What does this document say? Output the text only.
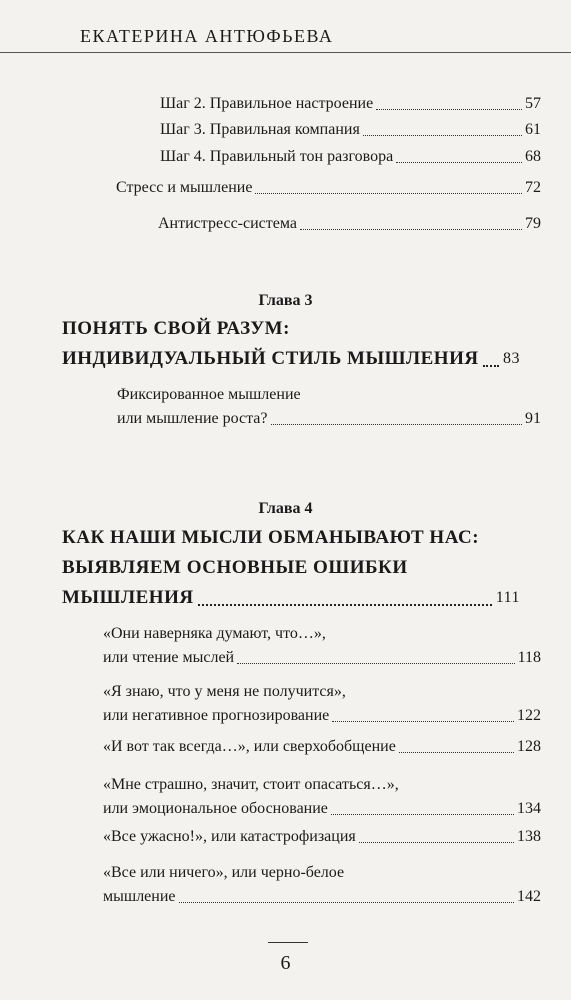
ЕКАТЕРИНА АНТЮФЬЕВА
Шаг 2. Правильное настроение	57
Шаг 3. Правильная компания	61
Шаг 4. Правильный тон разговора	68
Стресс и мышление	72
Антистресс-система	79
Глава 3
ПОНЯТЬ СВОЙ РАЗУМ:
ИНДИВИДУАЛЬНЫЙ СТИЛЬ МЫШЛЕНИЯ 83
Фиксированное мышление
или мышление роста?	91
Глава 4
КАК НАШИ МЫСЛИ ОБМАНЫВАЮТ НАС:
ВЫЯВЛЯЕМ ОСНОВНЫЕ ОШИБКИ
МЫШЛЕНИЯ	111
«Они наверняка думают, что…»,
или чтение мыслей	118
«Я знаю, что у меня не получится»,
или негативное прогнозирование	122
«И вот так всегда…», или сверхобобщение	128
«Мне страшно, значит, стоит опасаться…»,
или эмоциональное обоснование	134
«Все ужасно!», или катастрофизация	138
«Все или ничего», или черно-белое
мышление	142
6
